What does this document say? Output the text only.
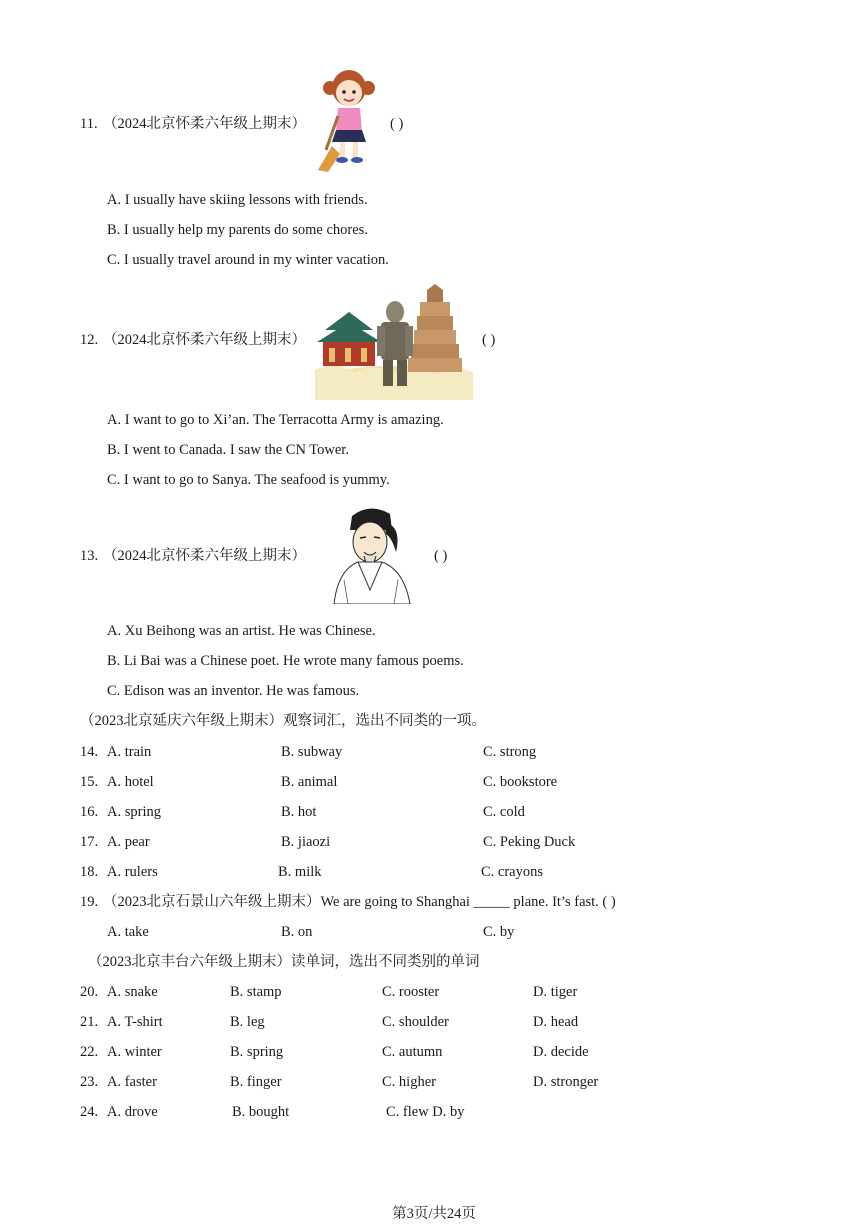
11. （2024北京怀柔六年级上期末）	( )
A. I usually have skiing lessons with friends.
B. I usually help my parents do some chores.
C. I usually travel around in my winter vacation.
12. （2024北京怀柔六年级上期末）	( )
A. I want to go to Xi’an. The Terracotta Army is amazing.
B. I went to Canada. I saw the CN Tower.
C. I want to go to Sanya. The seafood is yummy.
13. （2024北京怀柔六年级上期末）	( )
A. Xu Beihong was an artist. He was Chinese.
B. Li Bai was a Chinese poet. He wrote many famous poems.
C. Edison was an inventor. He was famous.
（2023北京延庆六年级上期末）观察词汇，选出不同类的一项。
14. A. train	B. subway	C. strong
15. A. hotel	B. animal	C. bookstore
16. A. spring	B. hot	C. cold
17. A. pear	B. jiaozi	C. Peking Duck
18. A. rulers	B. milk	C. crayons
19. （2023北京石景山六年级上期末）We are going to Shanghai _____ plane. It’s fast. ( )
A. take	B. on	C. by
（2023北京丰台六年级上期末）读单词，选出不同类别的单词
20. A. snake	B. stamp	C. rooster	D. tiger
21. A. T-shirt	B. leg	C. shoulder	D. head
22. A. winter	B. spring	C. autumn	D. decide
23. A. faster	B. finger	C. higher	D. stronger
24. A. drove	B. bought	C. flew D. by
第3页/共24页
